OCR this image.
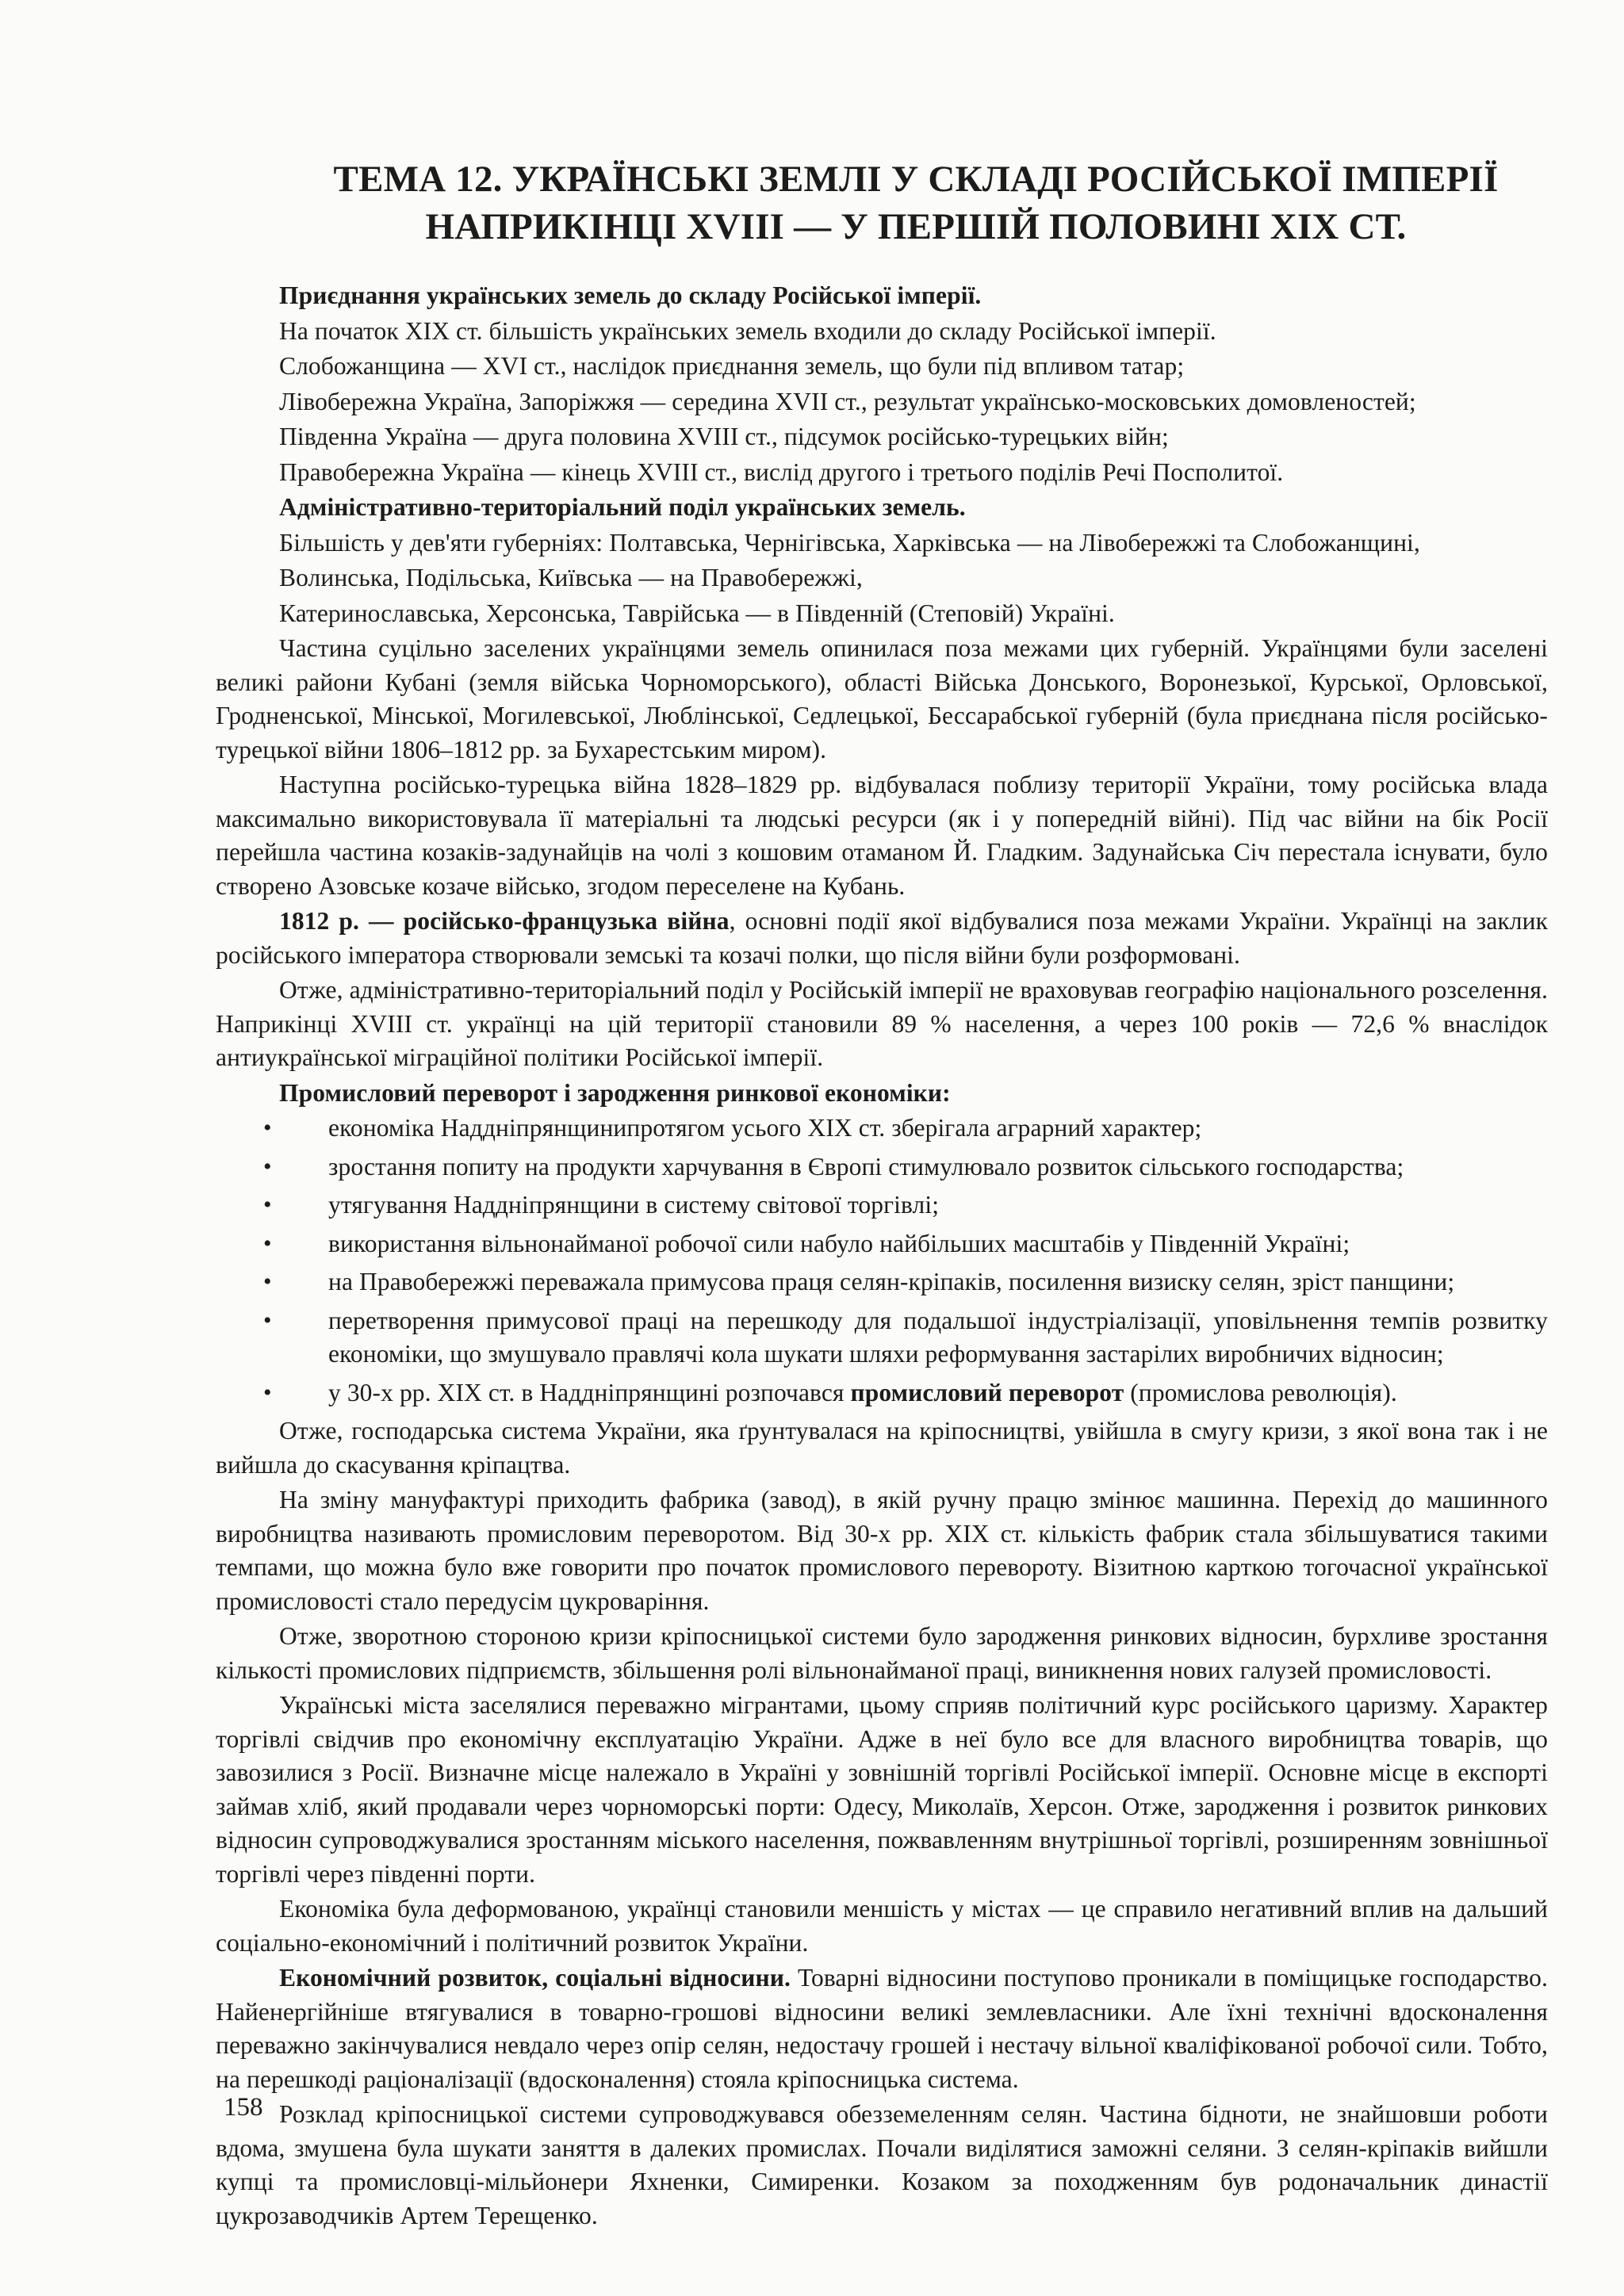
ТЕМА 12. УКРАЇНСЬКІ ЗЕМЛІ У СКЛАДІ РОСІЙСЬКОЇ ІМПЕРІЇ
НАПРИКІНЦІ XVIII — У ПЕРШІЙ ПОЛОВИНІ XIX СТ.

Приєднання українських земель до складу Російської імперії.

На початок XIX ст. більшість українських земель входили до складу Російської імперії.

Слобожанщина — XVI ст., наслідок приєднання земель, що були під впливом татар;

Лівобережна Україна, Запоріжжя — середина XVII ст., результат українсько-московських домовленостей;

Південна Україна — друга половина XVIII ст., підсумок російсько-турецьких війн;

Правобережна Україна — кінець XVIII ст., вислід другого і третього поділів Речі Посполитої.

Адміністративно-територіальний поділ українських земель.

Більшість у дев'яти губерніях: Полтавська, Чернігівська, Харківська — на Лівобережжі та Слобожанщині,

Волинська, Подільська, Київська — на Правобережжі,

Катеринославська, Херсонська, Таврійська — в Південній (Степовій) Україні.

Частина суцільно заселених українцями земель опинилася поза межами цих губерній. Українцями були заселені великі райони Кубані (земля війська Чорноморського), області Війська Донського, Воронезької, Курської, Орловської, Гродненської, Мінської, Могилевської, Люблінської, Седлецької, Бессарабської губерній (була приєднана після російсько-турецької війни 1806–1812 рр. за Бухарестським миром).

Наступна російсько-турецька війна 1828–1829 рр. відбувалася поблизу території України, тому російська влада максимально використовувала її матеріальні та людські ресурси (як і у попередній війні). Під час війни на бік Росії перейшла частина козаків-задунайців на чолі з кошовим отаманом Й. Гладким. Задунайська Січ перестала існувати, було створено Азовське козаче військо, згодом переселене на Кубань.

1812 р. — російсько-французька війна, основні події якої відбувалися поза межами України. Українці на заклик російського імператора створювали земські та козачі полки, що після війни були розформовані.

Отже, адміністративно-територіальний поділ у Російській імперії не враховував географію національного розселення. Наприкінці XVIII ст. українці на цій території становили 89 % населення, а через 100 років — 72,6 % внаслідок антиукраїнської міграційної політики Російської імперії.

Промисловий переворот і зародження ринкової економіки:

• економіка Наддніпрянщинипротягом усього XIX ст. зберігала аграрний характер;
• зростання попиту на продукти харчування в Європі стимулювало розвиток сільського господарства;
• утягування Наддніпрянщини в систему світової торгівлі;
• використання вільнонайманої робочої сили набуло найбільших масштабів у Південній Україні;
• на Правобережжі переважала примусова праця селян-кріпаків, посилення визиску селян, зріст панщини;
• перетворення примусової праці на перешкоду для подальшої індустріалізації, уповільнення темпів розвитку економіки, що змушувало правлячі кола шукати шляхи реформування застарілих виробничих відносин;
• у 30-х рр. XIX ст. в Наддніпрянщині розпочався промисловий переворот (промислова революція).

Отже, господарська система України, яка ґрунтувалася на кріпосництві, увійшла в смугу кризи, з якої вона так і не вийшла до скасування кріпацтва.

На зміну мануфактурі приходить фабрика (завод), в якій ручну працю змінює машинна. Перехід до машинного виробництва називають промисловим переворотом. Від 30-х рр. XIX ст. кількість фабрик стала збільшуватися такими темпами, що можна було вже говорити про початок промислового перевороту. Візитною карткою тогочасної української промисловості стало передусім цукроваріння.

Отже, зворотною стороною кризи кріпосницької системи було зародження ринкових відносин, бурхливе зростання кількості промислових підприємств, збільшення ролі вільнонайманої праці, виникнення нових галузей промисловості.

Українські міста заселялися переважно мігрантами, цьому сприяв політичний курс російського царизму. Характер торгівлі свідчив про економічну експлуатацію України. Адже в неї було все для власного виробництва товарів, що завозилися з Росії. Визначне місце належало в Україні у зовнішній торгівлі Російської імперії. Основне місце в експорті займав хліб, який продавали через чорноморські порти: Одесу, Миколаїв, Херсон. Отже, зародження і розвиток ринкових відносин супроводжувалися зростанням міського населення, пожвавленням внутрішньої торгівлі, розширенням зовнішньої торгівлі через південні порти.

Економіка була деформованою, українці становили меншість у містах — це справило негативний вплив на дальший соціально-економічний і політичний розвиток України.

Економічний розвиток, соціальні відносини. Товарні відносини поступово проникали в поміщицьке господарство. Найенергійніше втягувалися в товарно-грошові відносини великі землевласники. Але їхні технічні вдосконалення переважно закінчувалися невдало через опір селян, недостачу грошей і нестачу вільної кваліфікованої робочої сили. Тобто, на перешкоді раціоналізації (вдосконалення) стояла кріпосницька система.

Розклад кріпосницької системи супроводжувався обезземеленням селян. Частина бідноти, не знайшовши роботи вдома, змушена була шукати заняття в далеких промислах. Почали виділятися заможні селяни. З селян-кріпаків вийшли купці та промисловці-мільйонери Яхненки, Симиренки. Козаком за походженням був родоначальник династії цукрозаводчиків Артем Терещенко.

158
